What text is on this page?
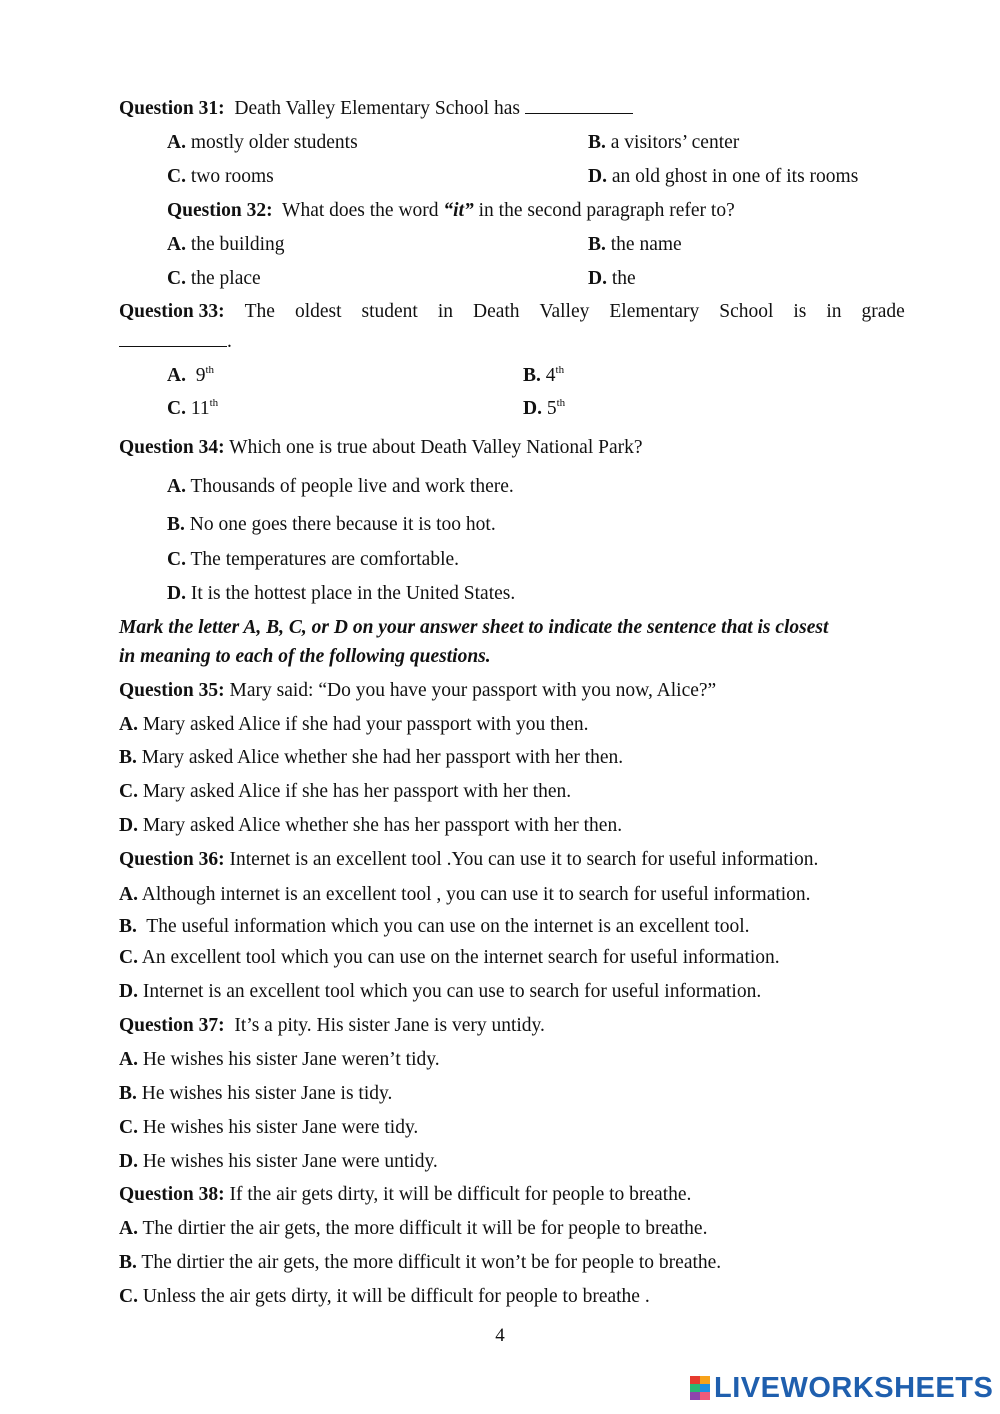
Question 31: Death Valley Elementary School has
A. mostly older students	B. a visitors’ center
C. two rooms	D. an old ghost in one of its rooms
Question 32: What does the word “it” in the second paragraph refer to?
A. the building	B. the name
C. the place	D. the
Question 33: The oldest student in Death Valley Elementary School is in grade
.
A. 9th	B. 4th
C. 11th	D. 5th
Question 34: Which one is true about Death Valley National Park?
A. Thousands of people live and work there.
B. No one goes there because it is too hot.
C. The temperatures are comfortable.
D. It is the hottest place in the United States.
Mark the letter A, B, C, or D on your answer sheet to indicate the sentence that is closest
in meaning to each of the following questions.
Question 35: Mary said: “Do you have your passport with you now, Alice?”
A. Mary asked Alice if she had your passport with you then.
B. Mary asked Alice whether she had her passport with her then.
C. Mary asked Alice if she has her passport with her then.
D. Mary asked Alice whether she has her passport with her then.
Question 36: Internet is an excellent tool .You can use it to search for useful information.
A. Although internet is an excellent tool , you can use it to search for useful information.
B. The useful information which you can use on the internet is an excellent tool.
C. An excellent tool which you can use on the internet search for useful information.
D. Internet is an excellent tool which you can use to search for useful information.
Question 37: It’s a pity. His sister Jane is very untidy.
A. He wishes his sister Jane weren’t tidy.
B. He wishes his sister Jane is tidy.
C. He wishes his sister Jane were tidy.
D. He wishes his sister Jane were untidy.
Question 38: If the air gets dirty, it will be difficult for people to breathe.
A. The dirtier the air gets, the more difficult it will be for people to breathe.
B. The dirtier the air gets, the more difficult it won’t be for people to breathe.
C. Unless the air gets dirty, it will be difficult for people to breathe .
4
LIVEWORKSHEETS
